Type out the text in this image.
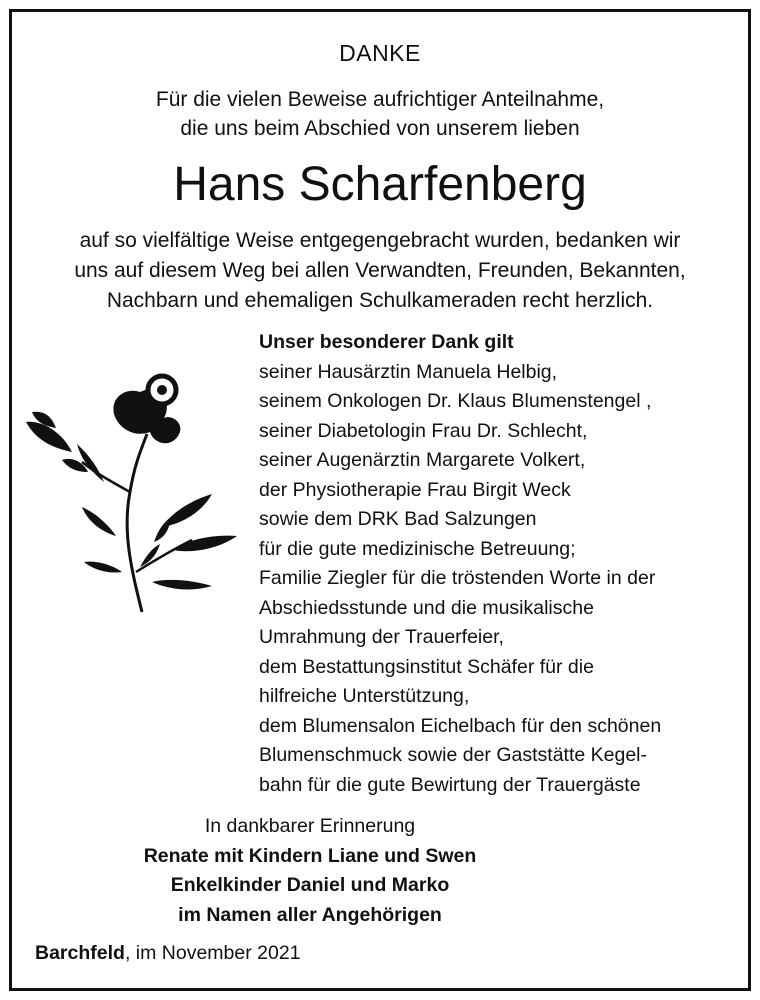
DANKE
Für die vielen Beweise aufrichtiger Anteilnahme,
die uns beim Abschied von unserem lieben
Hans Scharfenberg
auf so vielfältige Weise entgegengebracht wurden, bedanken wir
uns auf diesem Weg bei allen Verwandten, Freunden, Bekannten,
Nachbarn und ehemaligen Schulkameraden recht herzlich.
Unser besonderer Dank gilt
seiner Hausärztin Manuela Helbig,
seinem Onkologen Dr. Klaus Blumenstengel ,
seiner Diabetologin Frau Dr. Schlecht,
seiner Augenärztin Margarete Volkert,
der Physiotherapie Frau Birgit Weck
sowie dem DRK Bad Salzungen
für die gute medizinische Betreuung;
Familie Ziegler für die tröstenden Worte in der
Abschiedsstunde und die musikalische
Umrahmung der Trauerfeier,
dem Bestattungsinstitut Schäfer für die
hilfreiche Unterstützung,
dem Blumensalon Eichelbach für den schönen
Blumenschmuck sowie der Gaststätte Kegel-
bahn für die gute Bewirtung der Trauergäste
In dankbarer Erinnerung
Renate mit Kindern Liane und Swen
Enkelkinder Daniel und Marko
im Namen aller Angehörigen
Barchfeld, im November 2021
